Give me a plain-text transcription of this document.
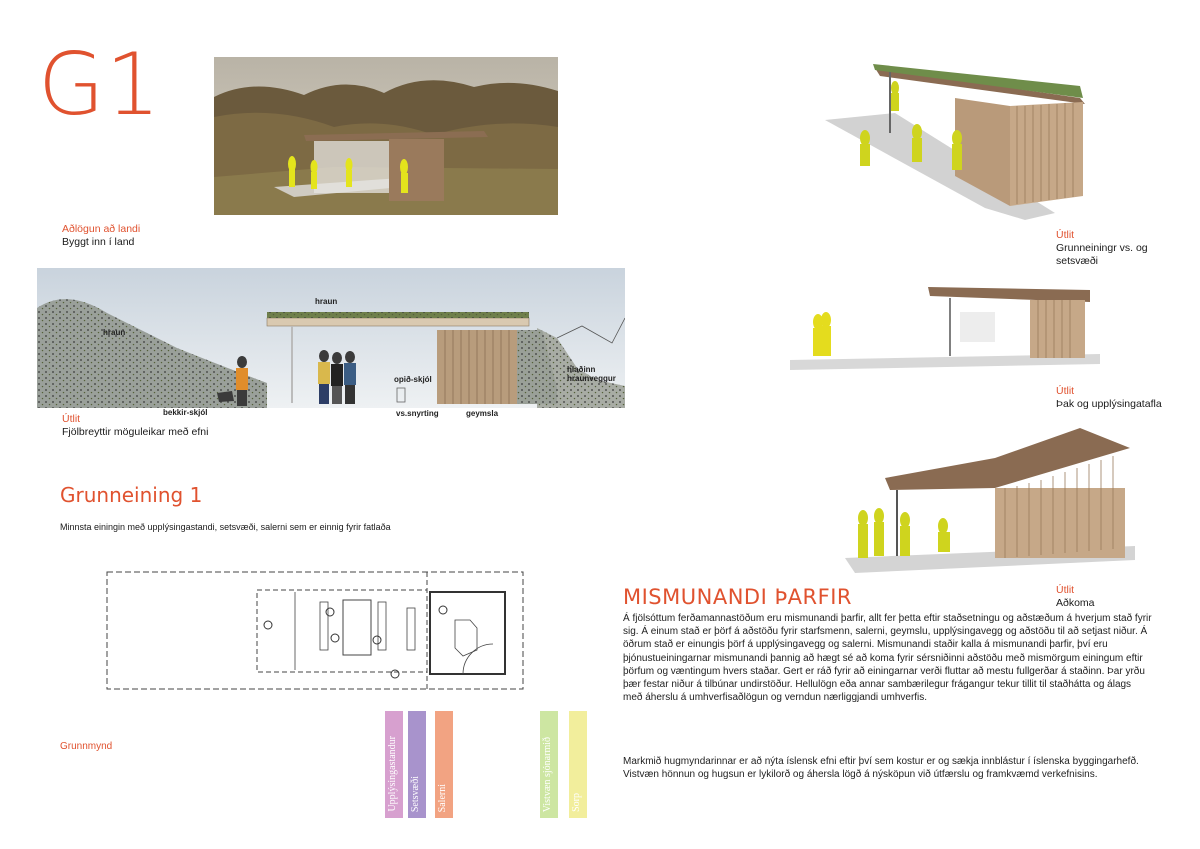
G1
Aðlögun að landi
Byggt inn í land
hraun
hraun
hlaðinn
hraunveggur
opið-skjól
bekkir-skjól	vs.snyrting	geymsla
Útlit
Fjölbreyttir möguleikar með efni
Útlit
Grunneiningr vs. og setsvæði
Útlit
Þak og upplýsingatafla
Útlit
Aðkoma
Grunneining 1
Minnsta einingin með upplýsingastandi, setsvæði, salerni sem er einnig fyrir fatlaða
Grunnmynd	Upplýsingastandur Setsvæði Salerni	Vistvæn sjónarmið Sorp
MISMUNANDI ÞARFIR
Á fjölsóttum ferðamannastöðum eru mismunandi þarfir, allt fer þetta eftir staðsetningu og aðstæðum á hverjum stað fyrir sig. Á einum stað er þörf á aðstöðu fyrir starfsmenn, salerni, geymslu, upplýsingavegg og aðstöðu til að setjast niður. Á öðrum stað er einungis þörf á upplýsingavegg og salerni. Mismunandi staðir kalla á mismunandi þarfir, því eru þjónustueiningarnar mismunandi þannig að hægt sé að koma fyrir sérsniðinni aðstöðu með mismörgum einingum eftir þörfum og væntingum hvers staðar. Gert er ráð fyrir að einingarnar verði fluttar að mestu fullgerðar á staðinn. Þar yrðu þær festar niður á tilbúnar undirstöður. Hellulögn eða annar sambærilegur frágangur tekur tillit til staðhátta og álags með áherslu á umhverfisaðlögun og verndun nærliggjandi umhverfis.
Markmið hugmyndarinnar er að nýta íslensk efni eftir því sem kostur er og sækja innblástur í íslenska byggingarhefð. Vistvæn hönnun og hugsun er lykilorð og áhersla lögð á nýsköpun við útfærslu og framkvæmd verkefnisins.
